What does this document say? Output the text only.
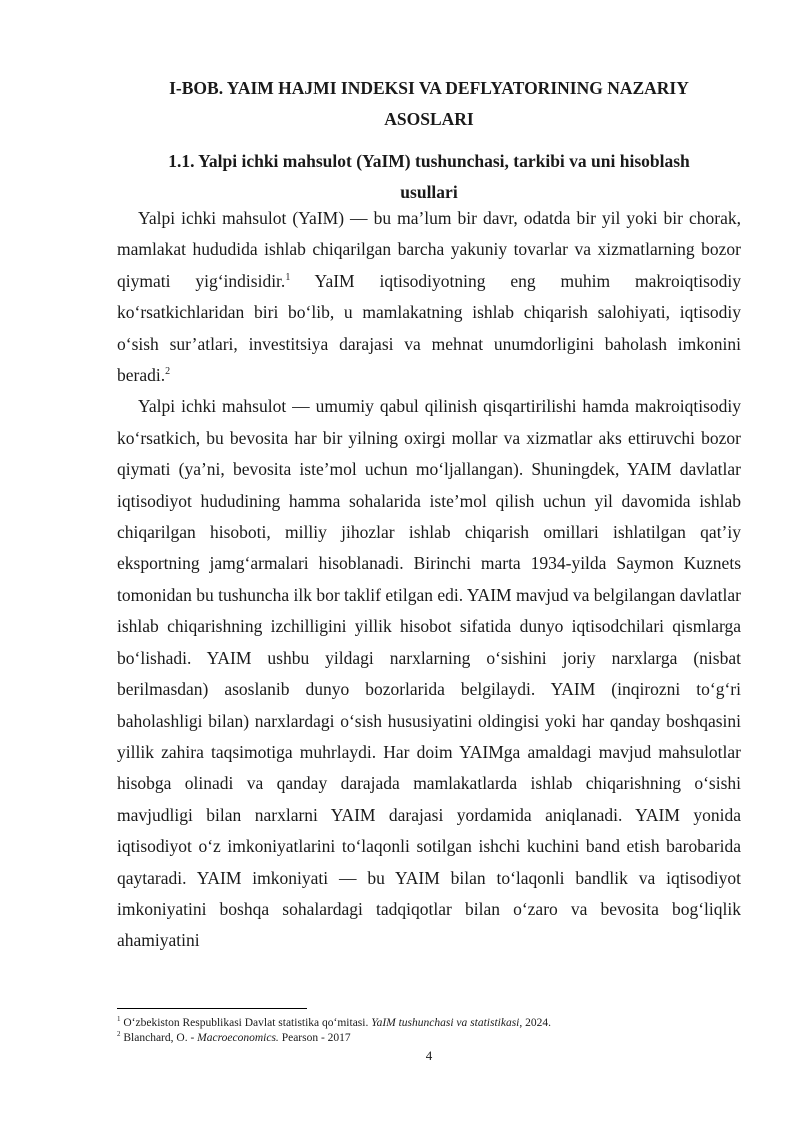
I-BOB. YAIM HAJMI INDEKSI VA DEFLYATORINING NAZARIY
ASOSLARI
1.1. Yalpi ichki mahsulot (YaIM) tushunchasi, tarkibi va uni hisoblash
usullari

Yalpi ichki mahsulot (YaIM) — bu ma’lum bir davr, odatda bir yil yoki bir chorak, mamlakat hududida ishlab chiqarilgan barcha yakuniy tovarlar va xizmatlarning bozor qiymati yig‘indisidir.$^1$ YaIM iqtisodiyotning eng muhim makroiqtisodiy ko‘rsatkichlaridan biri bo‘lib, u mamlakatning ishlab chiqarish salohiyati, iqtisodiy o‘sish sur’atlari, investitsiya darajasi va mehnat unumdorligini baholash imkonini beradi.$^2$

Yalpi ichki mahsulot — umumiy qabul qilinish qisqartirilishi hamda makroiqtisodiy ko‘rsatkich, bu bevosita har bir yilning oxirgi mollar va xizmatlar aks ettiruvchi bozor qiymati (ya’ni, bevosita iste’mol uchun mo‘ljallangan). Shuningdek, YAIM davlatlar iqtisodiyot hududining hamma sohalarida iste’mol qilish uchun yil davomida ishlab chiqarilgan hisoboti, milliy jihozlar ishlab chiqarish omillari ishlatilgan qat’iy eksportning jamg‘armalari hisoblanadi. Birinchi marta 1934-yilda Saymon Kuznets tomonidan bu tushuncha ilk bor taklif etilgan edi. YAIM mavjud va belgilangan davlatlar ishlab chiqarishning izchilligini yillik hisobot sifatida dunyo iqtisodchilari qismlarga bo‘lishadi. YAIM ushbu yildagi narxlarning o‘sishini joriy narxlarga (nisbat berilmasdan) asoslanib dunyo bozorlarida belgilaydi. YAIM (inqirozni to‘g‘ri baholashligi bilan) narxlardagi o‘sish hususiyatini oldingisi yoki har qanday boshqasini yillik zahira taqsimotiga muhrlaydi. Har doim YAIMga amaldagi mavjud mahsulotlar hisobga olinadi va qanday darajada mamlakatlarda ishlab chiqarishning o‘sishi mavjudligi bilan narxlarni YAIM darajasi yordamida aniqlanadi. YAIM yonida iqtisodiyot o‘z imkoniyatlarini to‘laqonli sotilgan ishchi kuchini band etish barobarida qaytaradi. YAIM imkoniyati — bu YAIM bilan to‘laqonli bandlik va iqtisodiyot imkoniyatini boshqa sohalardagi tadqiqotlar bilan o‘zaro va bevosita bog‘liqlik ahamiyatini

$^1$ O‘zbekiston Respublikasi Davlat statistika qo‘mitasi. YaIM tushunchasi va statistikasi, 2024.
$^2$ Blanchard, O. - Macroeconomics. Pearson - 2017
4
